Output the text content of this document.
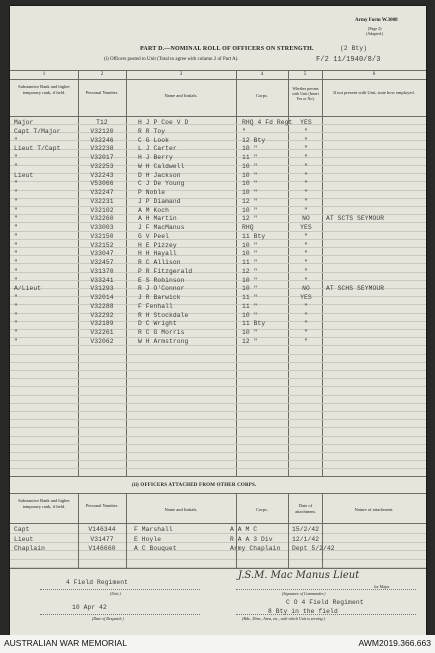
Army Form W.3008
(Page 2)
(Adapted.)
PART D.—NOMINAL ROLL OF OFFICERS ON STRENGTH.	(2 Bty)
(i) Officers posted to Unit (Total to agree with column 2 of Part A).	F/2 11/1940/8/3
1	2	3	4	5	6
Substantive Rank and higher temporary rank, if held.	Personal Number.
Name and Initials.	Corps.
Whether present with Unit (Insert Yes or No).
If not present with Unit, state how employed.
Major	T12	H J P Coe V D	RHQ 4 Fd Regt	YES
Capt T/Major	V32120	R R Toy	"	"
"	V32246	C G Look	12 Bty	"
Lieut T/Capt	V32238	L J Carter	10 "	"
"	V32017	H J Berry	11 "	"
"	V32253	W H Caldwell	10 "	"
Lieut	V32243	D H Jackson	10 "	"
"	V53066	C J De Young	10 "	"
"	V32247	P Noble	10 "	"
"	V32231	J P Diamand	12 "	"
"	V32102	A M Koch	10 "	"
"	V32260	A H Martin	12 "	NO	AT SCTS SEYMOUR
"	V33003	J F MacManus	RHQ	YES
"	V32150	G V Peel	11 Bty	"
"	V32152	H E Pizzey	10 "	"
"	V33047	H H Hayall	10 "	"
"	V32457	R C Allison	11 "	"
"	V31370	P R Fitzgerald	12 "	"
"	V33241	E S Robinson	10 "	"
A/Lieut	V31293	R J O'Connor	10 "	NO	AT SCHS SEYMOUR
"	V32014	J R Barwick	11 "	YES
"	V32288	F Fenhall	11 "	"
"	V32292	R H Stockdale	10 "	"
"	V32189	D C Wright	11 Bty	"
"	V32261	R C G Morris	10 "	"
"	V32062	W H Armstrong	12 "	"
(ii) OFFICERS ATTACHED FROM OTHER CORPS.
Substantive Rank and higher temporary rank, if held.	Personal Number.
Name and Initials.	Corps.
Date of attachment.	Nature of attachment.
Capt	V146344	F Marshall	A A M C	15/2/42
Lieut	V31477	E Hoyle	R A A 3 Div	12/1/42
Chaplain	V146660	A C Bouquet	Army Chaplain	Dept 5/2/42
4 Field Regiment
(Unit.)
10 Apr 42
(Date of Despatch.)
J.S.M. Mac Manus Lieut
for Major
(Signature of Commander.)
C O 4 Field Regiment
8 Bty in the field
(Bde., Divn., Area, etc., with which Unit is serving.)
AUSTRALIAN WAR MEMORIAL	AWM2019.366.663
